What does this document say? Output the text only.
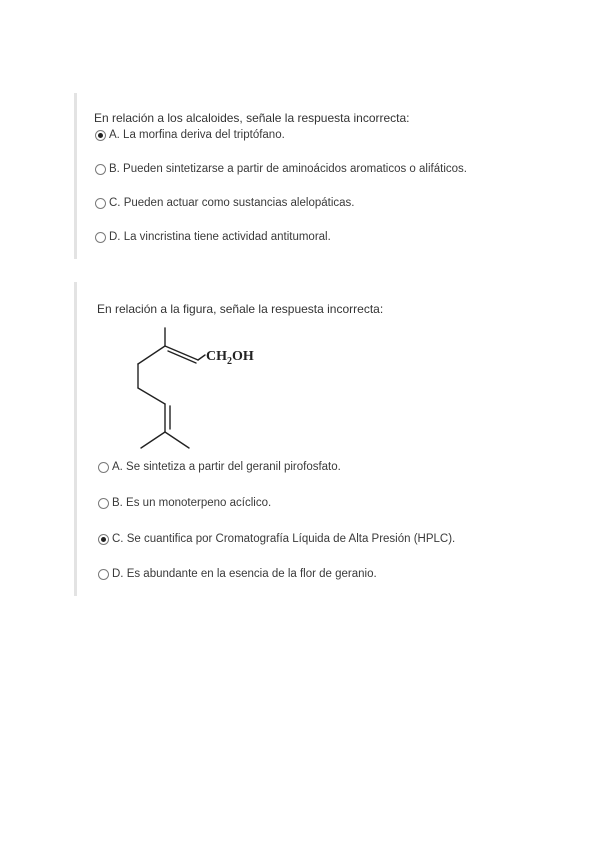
En relación a los alcaloides, señale la respuesta incorrecta:
A. La morfina deriva del triptófano.
B. Pueden sintetizarse a partir de aminoácidos aromaticos o alifáticos.
C. Pueden actuar como sustancias alelopáticas.
D. La vincristina tiene actividad antitumoral.
En relación a la figura, señale la respuesta incorrecta:
$CH_2OH$
A. Se sintetiza a partir del geranil pirofosfato.
B. Es un monoterpeno acíclico.
C. Se cuantifica por Cromatografía Líquida de Alta Presión (HPLC).
D. Es abundante en la esencia de la flor de geranio.
